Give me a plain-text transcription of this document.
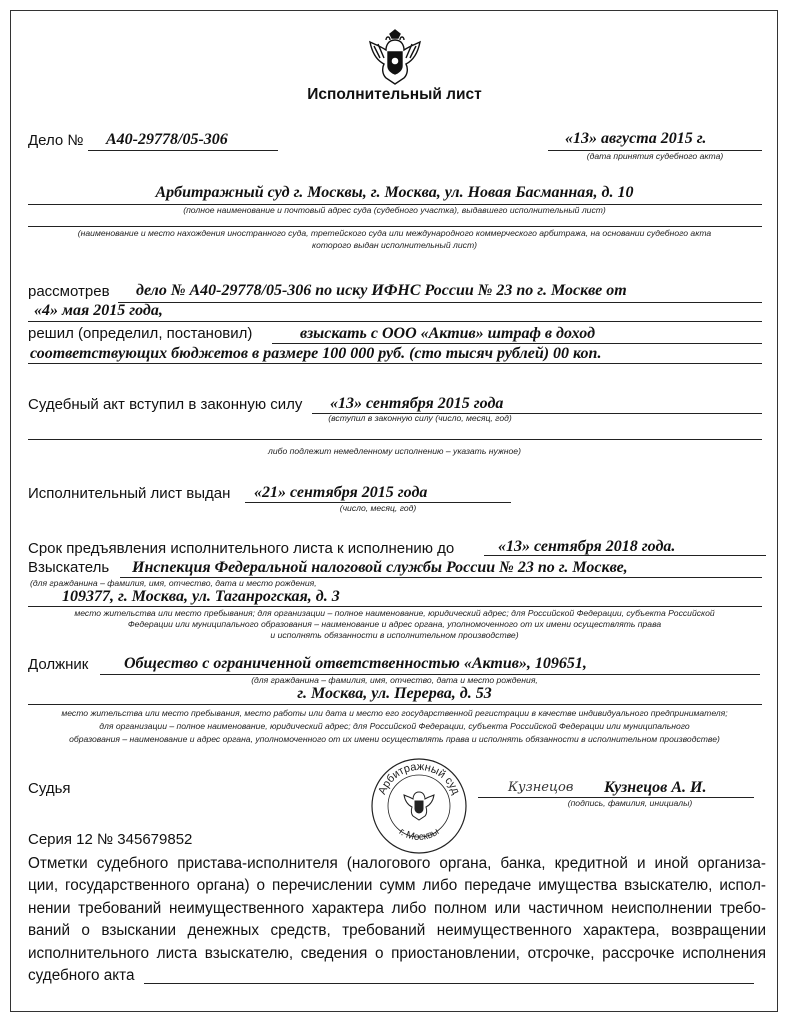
Исполнительный лист
Дело № А40-29778/05-306	«13» августа 2015 г.
(дата принятия судебного акта)
Арбитражный суд г. Москвы, г. Москва, ул. Новая Басманная, д. 10
(полное наименование и почтовый адрес суда (судебного участка), выдавшего исполнительный лист)
(наименование и место нахождения иностранного суда, третейского суда или международного коммерческого арбитража, на основании судебного акта
которого выдан исполнительный лист)
рассмотрев дело № А40-29778/05-306 по иску ИФНС России № 23 по г. Москве от
«4» мая 2015 года,
решил (определил, постановил)	взыскать с ООО «Актив» штраф в доход
соответствующих бюджетов в размере 100 000 руб. (сто тысяч рублей) 00 коп.
Судебный акт вступил в законную силу «13» сентября 2015 года
(вступил в законную силу (число, месяц, год)
либо подлежит немедленному исполнению – указать нужное)
Исполнительный лист выдан «21» сентября 2015 года
(число, месяц, год)
Срок предъявления исполнительного листа к исполнению до	«13» сентября 2018 года.
Взыскатель Инспекция Федеральной налоговой службы России № 23 по г. Москве,
(для гражданина – фамилия, имя, отчество, дата и место рождения,
109377, г. Москва, ул. Таганрогская, д. 3
место жительства или место пребывания; для организации – полное наименование, юридический адрес; для Российской Федерации, субъекта Российской
Федерации или муниципального образования – наименование и адрес органа, уполномоченного от их имени осуществлять права
и исполнять обязанности в исполнительном производстве)
Должник Общество с ограниченной ответственностью «Актив», 109651,
(для гражданина – фамилия, имя, отчество, дата и место рождения,
г. Москва, ул. Перерва, д. 53
место жительства или место пребывания, место работы или дата и место его государственной регистрации в качестве индивидуального предпринимателя;
для организации – полное наименование, юридический адрес; для Российской Федерации, субъекта Российской Федерации или муниципального
образования – наименование и адрес органа, уполномоченного от их имени осуществлять права и исполнять обязанности в исполнительном производстве)
Судья	Арбитражный суд
г. Москвы
Кузнецов Кузнецов А. И.
(подпись, фамилия, инициалы)
Серия 12 № 345679852
Отметки судебного пристава-исполнителя (налогового органа, банка, кредитной и иной организа-
ции, государственного органа) о перечислении сумм либо передаче имущества взыскателю, испол-
нении требований неимущественного характера либо полном или частичном неисполнении требо-
ваний о взыскании денежных средств, требований неимущественного характера, возвращении
исполнительного листа взыскателю, сведения о приостановлении, отсрочке, рассрочке исполнения
судебного акта
